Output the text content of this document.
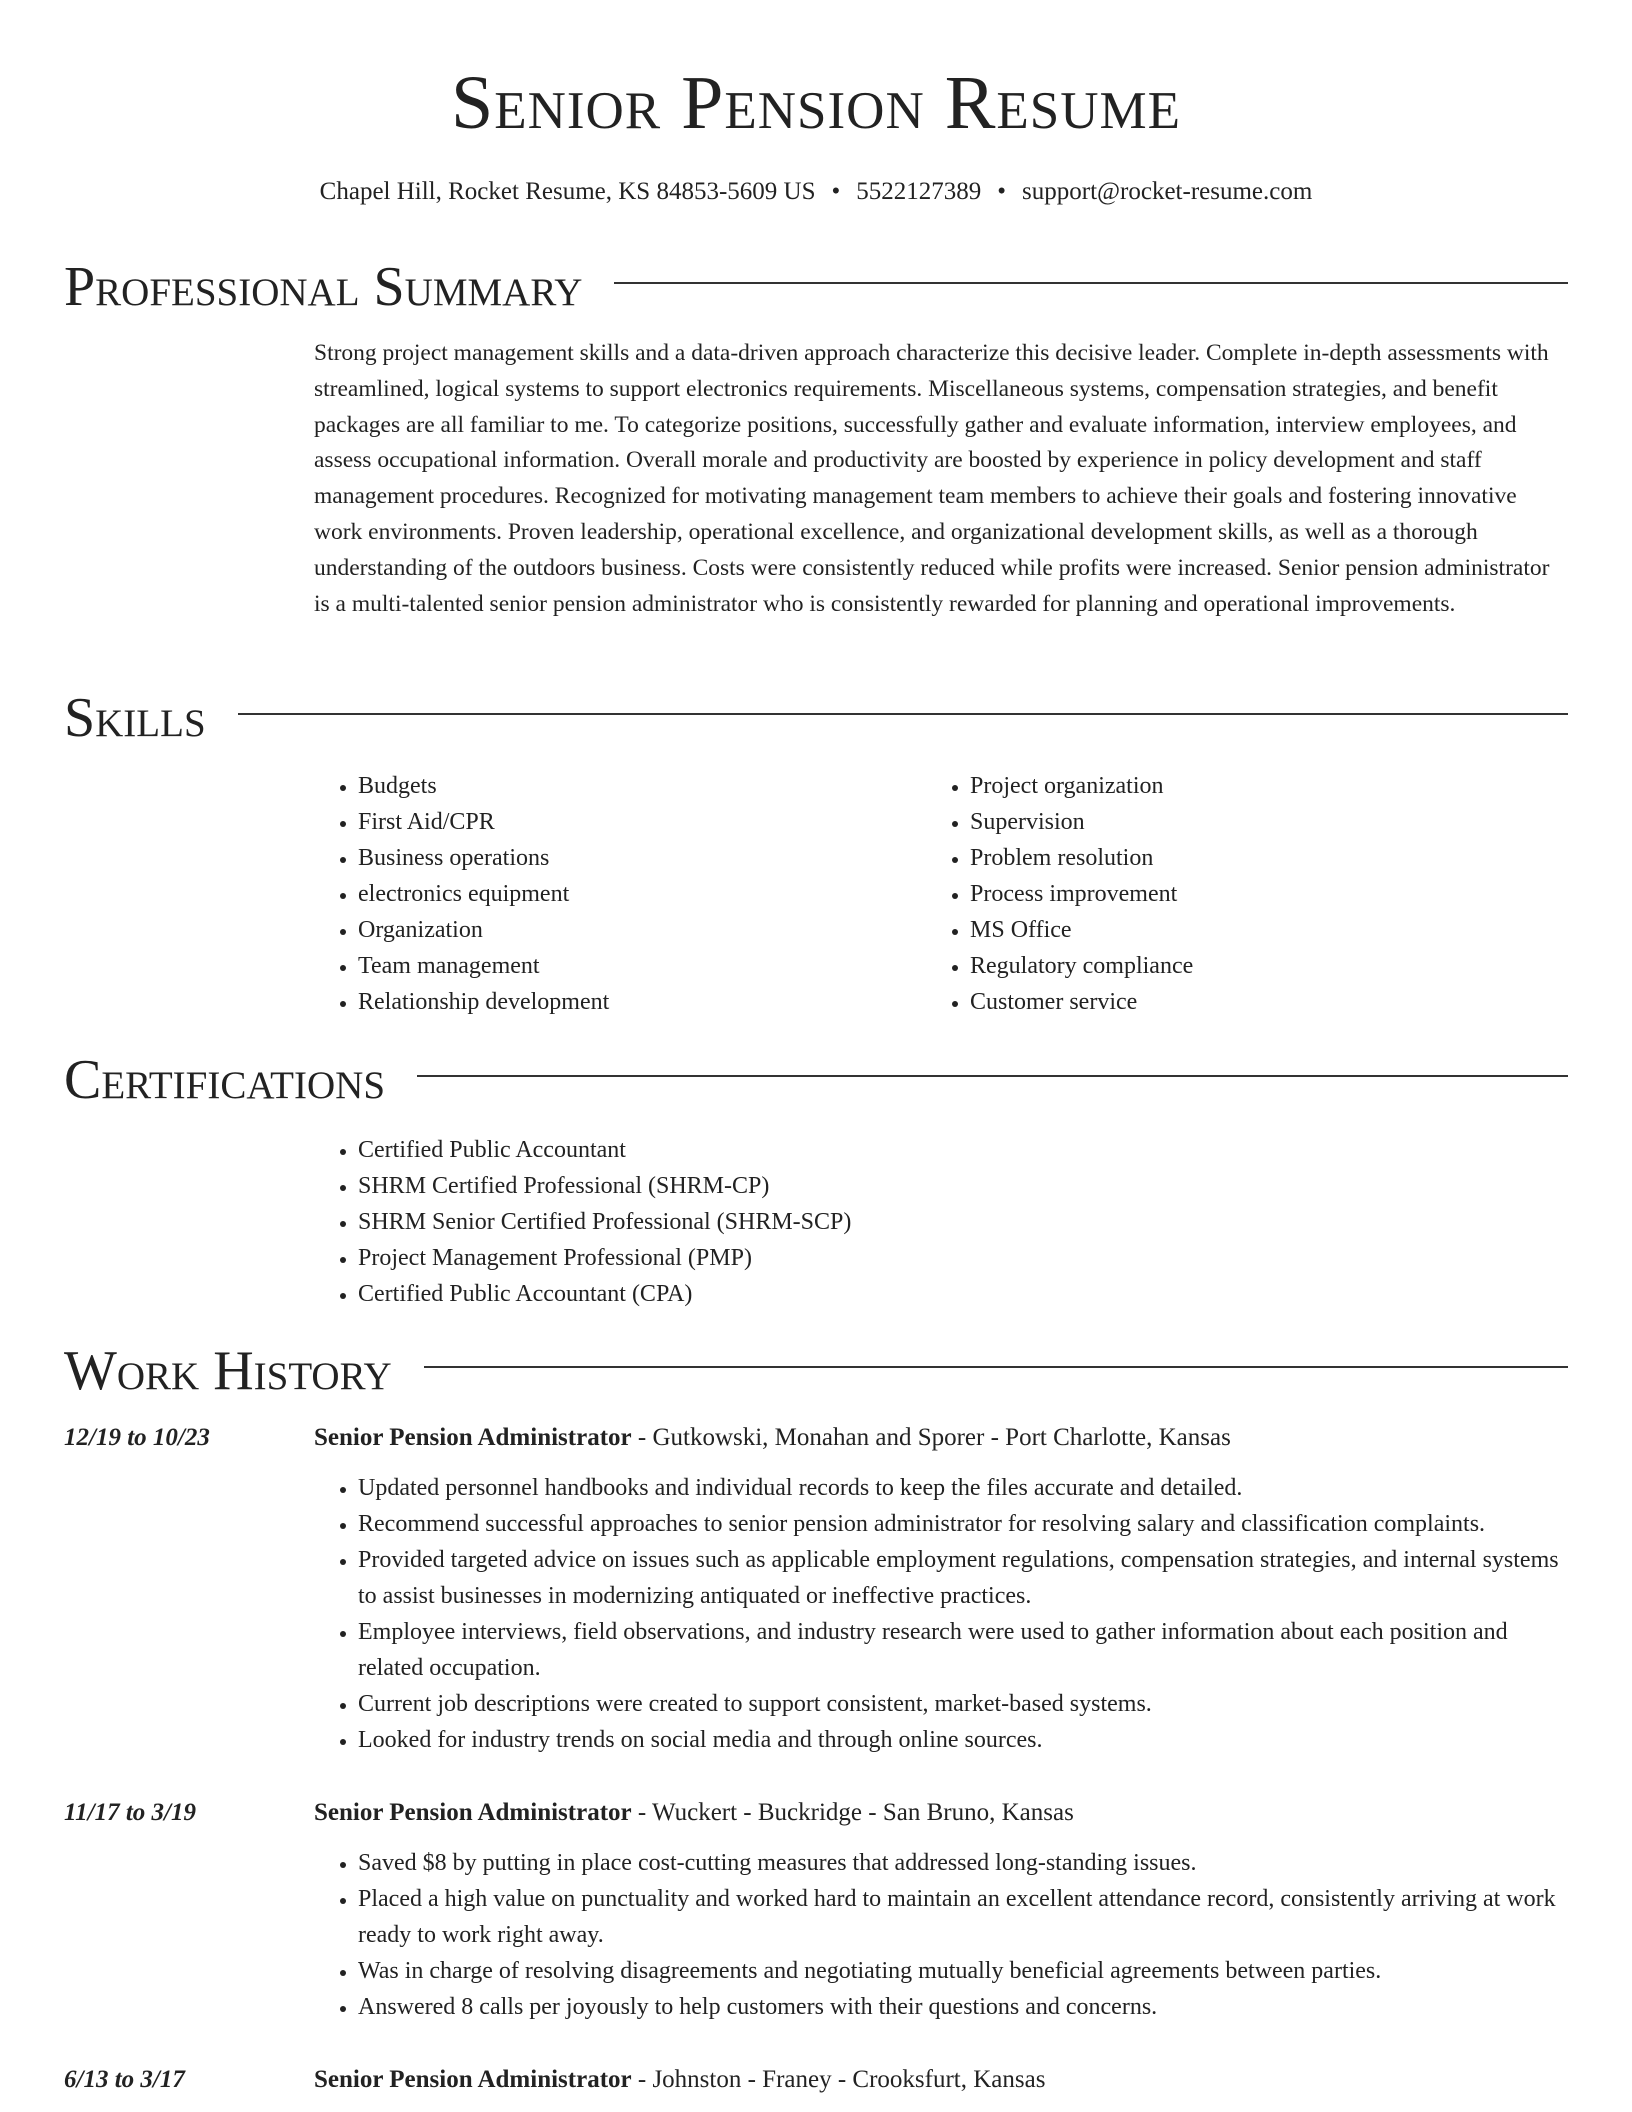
Senior Pension Resume
Chapel Hill, Rocket Resume, KS 84853-5609 US • 5522127389 • support@rocket-resume.com
Professional Summary
Strong project management skills and a data-driven approach characterize this decisive leader. Complete in-depth assessments with streamlined, logical systems to support electronics requirements. Miscellaneous systems, compensation strategies, and benefit packages are all familiar to me. To categorize positions, successfully gather and evaluate information, interview employees, and assess occupational information. Overall morale and productivity are boosted by experience in policy development and staff management procedures. Recognized for motivating management team members to achieve their goals and fostering innovative work environments. Proven leadership, operational excellence, and organizational development skills, as well as a thorough understanding of the outdoors business. Costs were consistently reduced while profits were increased. Senior pension administrator is a multi-talented senior pension administrator who is consistently rewarded for planning and operational improvements.
Skills
• Budgets
• First Aid/CPR
• Business operations
• electronics equipment
• Organization
• Team management
• Relationship development
• Project organization
• Supervision
• Problem resolution
• Process improvement
• MS Office
• Regulatory compliance
• Customer service
Certifications
• Certified Public Accountant
• SHRM Certified Professional (SHRM-CP)
• SHRM Senior Certified Professional (SHRM-SCP)
• Project Management Professional (PMP)
• Certified Public Accountant (CPA)
Work History
12/19 to 10/23	Senior Pension Administrator - Gutkowski, Monahan and Sporer - Port Charlotte, Kansas
• Updated personnel handbooks and individual records to keep the files accurate and detailed.
• Recommend successful approaches to senior pension administrator for resolving salary and classification complaints.
• Provided targeted advice on issues such as applicable employment regulations, compensation strategies, and internal systems to assist businesses in modernizing antiquated or ineffective practices.
• Employee interviews, field observations, and industry research were used to gather information about each position and related occupation.
• Current job descriptions were created to support consistent, market-based systems.
• Looked for industry trends on social media and through online sources.
11/17 to 3/19	Senior Pension Administrator - Wuckert - Buckridge - San Bruno, Kansas
• Saved $8 by putting in place cost-cutting measures that addressed long-standing issues.
• Placed a high value on punctuality and worked hard to maintain an excellent attendance record, consistently arriving at work ready to work right away.
• Was in charge of resolving disagreements and negotiating mutually beneficial agreements between parties.
• Answered 8 calls per joyously to help customers with their questions and concerns.
6/13 to 3/17	Senior Pension Administrator - Johnston - Franey - Crooksfurt, Kansas
